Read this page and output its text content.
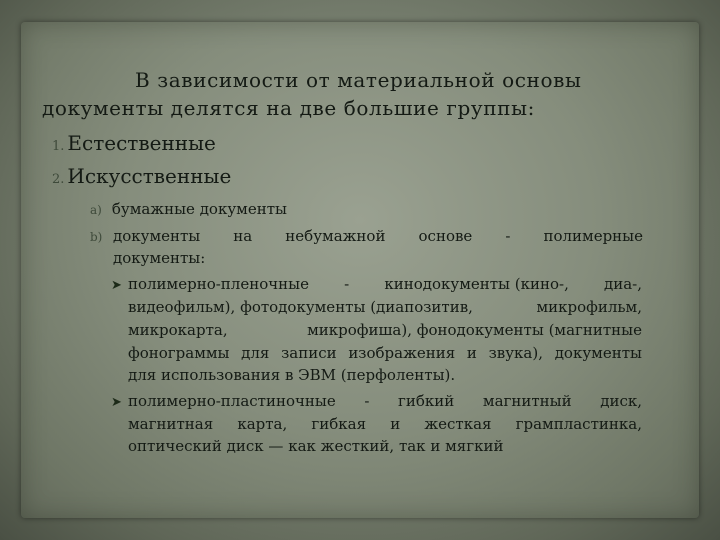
В зависимости от материальной основы
документы делятся на две большие группы:
1. Естественные
2. Искусственные
a) бумажные документы
b) документы на небумажной основе - полимерные
документы:
➤ полимерно-пленочные - кинодокументы (кино-, диа-,
видеофильм), фотодокументы (диапозитив,	микрофильм,
микрокарта,	микрофиша), фонодокументы (магнитные
фонограммы для записи изображения и звука), документы
для использования в ЭВМ (перфоленты).
➤ полимерно-пластиночные - гибкий магнитный диск,
магнитная карта, гибкая и жесткая грампластинка,
оптический диск — как жесткий, так и мягкий
